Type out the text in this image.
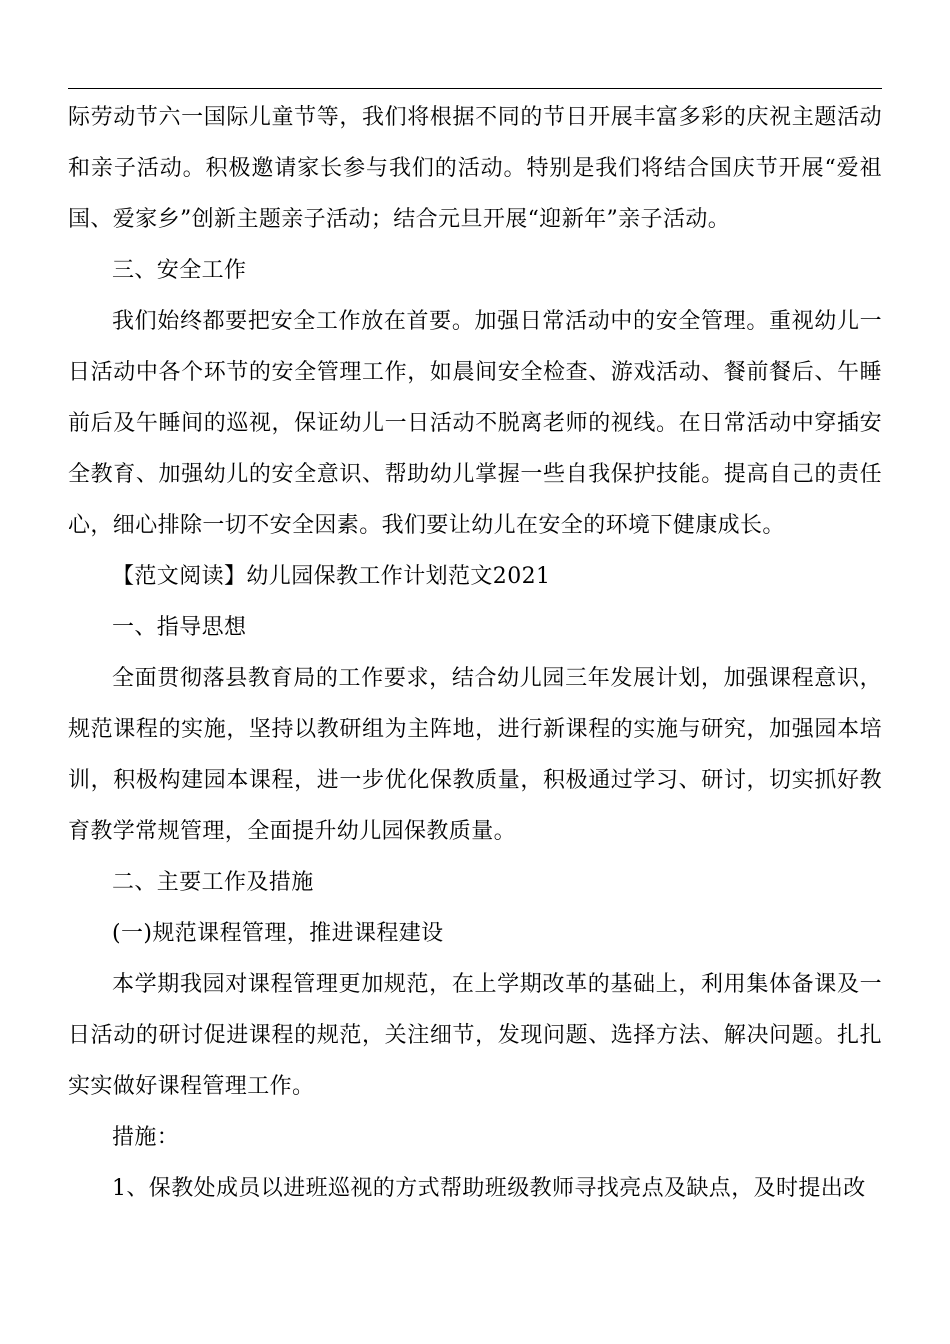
际劳动节六一国际儿童节等，我们将根据不同的节日开展丰富多彩的庆祝主题活动和亲子活动。积极邀请家长参与我们的活动。特别是我们将结合国庆节开展“爱祖国、爱家乡”创新主题亲子活动；结合元旦开展“迎新年”亲子活动。

三、安全工作

我们始终都要把安全工作放在首要。加强日常活动中的安全管理。重视幼儿一日活动中各个环节的安全管理工作，如晨间安全检查、游戏活动、餐前餐后、午睡前后及午睡间的巡视，保证幼儿一日活动不脱离老师的视线。在日常活动中穿插安全教育、加强幼儿的安全意识、帮助幼儿掌握一些自我保护技能。提高自己的责任心，细心排除一切不安全因素。我们要让幼儿在安全的环境下健康成长。

【范文阅读】幼儿园保教工作计划范文2021

一、指导思想

全面贯彻落县教育局的工作要求，结合幼儿园三年发展计划，加强课程意识，规范课程的实施，坚持以教研组为主阵地，进行新课程的实施与研究，加强园本培训，积极构建园本课程，进一步优化保教质量，积极通过学习、研讨，切实抓好教育教学常规管理，全面提升幼儿园保教质量。

二、主要工作及措施

(一)规范课程管理，推进课程建设

本学期我园对课程管理更加规范，在上学期改革的基础上，利用集体备课及一日活动的研讨促进课程的规范，关注细节，发现问题、选择方法、解决问题。扎扎实实做好课程管理工作。

措施：

1、保教处成员以进班巡视的方式帮助班级教师寻找亮点及缺点，及时提出改
